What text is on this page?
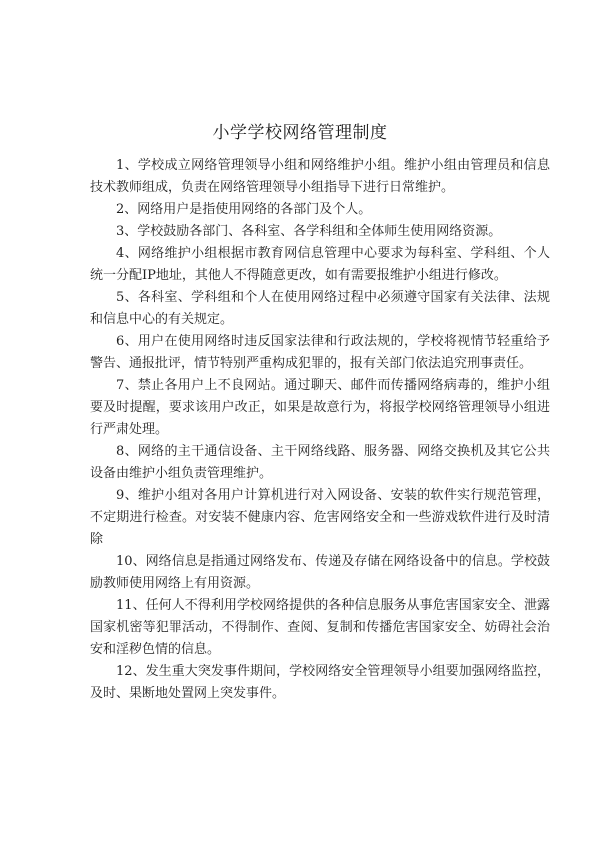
小学学校网络管理制度

1、学校成立网络管理领导小组和网络维护小组。维护小组由管理员和信息技术教师组成，负责在网络管理领导小组指导下进行日常维护。

2、网络用户是指使用网络的各部门及个人。

3、学校鼓励各部门、各科室、各学科组和全体师生使用网络资源。

4、网络维护小组根据市教育网信息管理中心要求为每科室、学科组、个人统一分配IP地址，其他人不得随意更改，如有需要报维护小组进行修改。

5、各科室、学科组和个人在使用网络过程中必须遵守国家有关法律、法规和信息中心的有关规定。

6、用户在使用网络时违反国家法律和行政法规的，学校将视情节轻重给予警告、通报批评，情节特别严重构成犯罪的，报有关部门依法追究刑事责任。

7、禁止各用户上不良网站。通过聊天、邮件而传播网络病毒的，维护小组要及时提醒，要求该用户改正，如果是故意行为，将报学校网络管理领导小组进行严肃处理。

8、网络的主干通信设备、主干网络线路、服务器、网络交换机及其它公共设备由维护小组负责管理维护。

9、维护小组对各用户计算机进行对入网设备、安装的软件实行规范管理，不定期进行检查。对安装不健康内容、危害网络安全和一些游戏软件进行及时清除

10、网络信息是指通过网络发布、传递及存储在网络设备中的信息。学校鼓励教师使用网络上有用资源。

11、任何人不得利用学校网络提供的各种信息服务从事危害国家安全、泄露国家机密等犯罪活动，不得制作、查阅、复制和传播危害国家安全、妨碍社会治安和淫秽色情的信息。

12、发生重大突发事件期间，学校网络安全管理领导小组要加强网络监控，及时、果断地处置网上突发事件。
